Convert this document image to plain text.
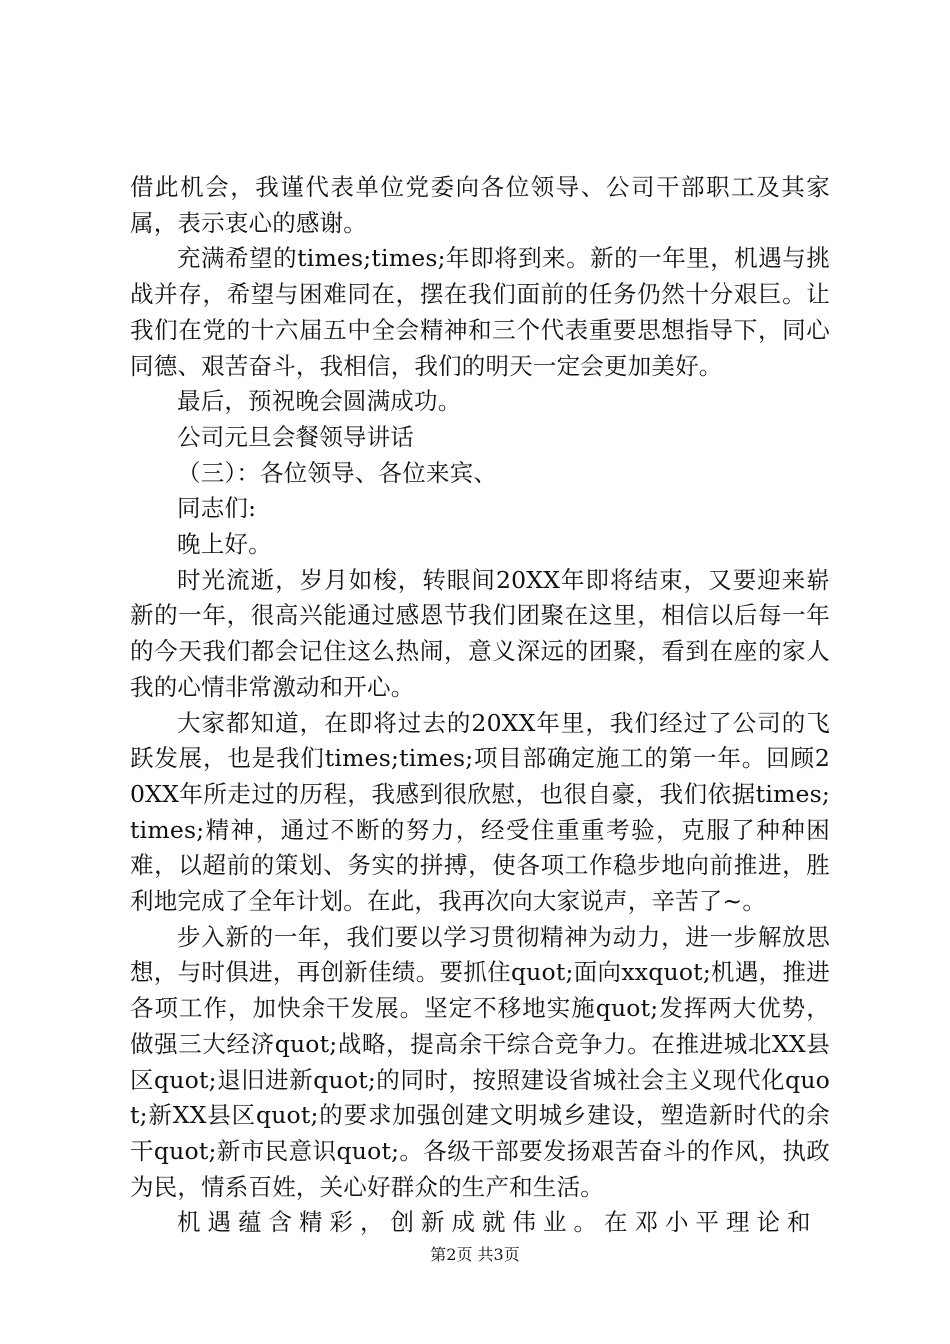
借此机会，我谨代表单位党委向各位领导、公司干部职工及其家属，表示衷心的感谢。

充满希望的times;times;年即将到来。新的一年里，机遇与挑战并存，希望与困难同在，摆在我们面前的任务仍然十分艰巨。让我们在党的十六届五中全会精神和三个代表重要思想指导下，同心同德、艰苦奋斗，我相信，我们的明天一定会更加美好。

最后，预祝晚会圆满成功。

公司元旦会餐领导讲话

（三）：各位领导、各位来宾、

同志们:

晚上好。

时光流逝，岁月如梭，转眼间20XX年即将结束，又要迎来崭新的一年，很高兴能通过感恩节我们团聚在这里，相信以后每一年的今天我们都会记住这么热闹，意义深远的团聚，看到在座的家人我的心情非常激动和开心。

大家都知道，在即将过去的20XX年里，我们经过了公司的飞跃发展，也是我们times;times;项目部确定施工的第一年。回顾20XX年所走过的历程，我感到很欣慰，也很自豪，我们依据times;times;精神，通过不断的努力，经受住重重考验，克服了种种困难，以超前的策划、务实的拼搏，使各项工作稳步地向前推进，胜利地完成了全年计划。在此，我再次向大家说声，辛苦了~。

步入新的一年，我们要以学习贯彻精神为动力，进一步解放思想，与时俱进，再创新佳绩。要抓住quot;面向xxquot;机遇，推进各项工作，加快余干发展。坚定不移地实施quot;发挥两大优势，做强三大经济quot;战略，提高余干综合竞争力。在推进城北XX县区quot;退旧进新quot;的同时，按照建设省城社会主义现代化quot;新XX县区quot;的要求加强创建文明城乡建设，塑造新时代的余干quot;新市民意识quot;。各级干部要发扬艰苦奋斗的作风，执政为民，情系百姓，关心好群众的生产和生活。

机遇蕴含精彩，创新成就伟业。在邓小平理论和

第2页 共3页
